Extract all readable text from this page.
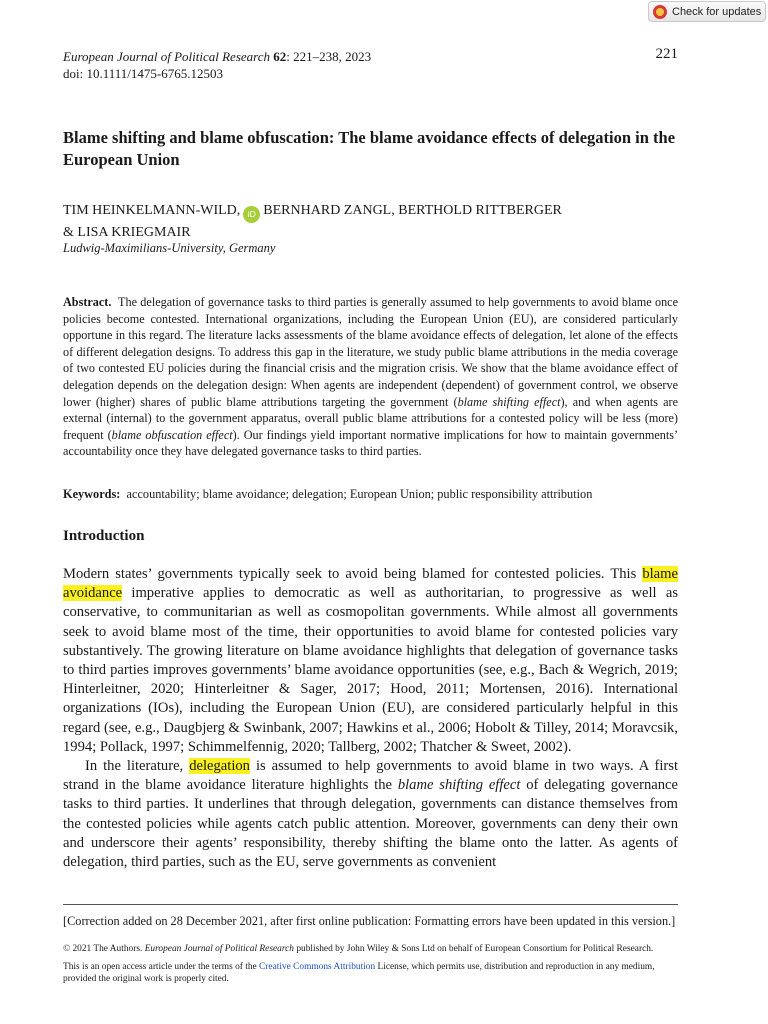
Check for updates
European Journal of Political Research 62: 221–238, 2023
doi: 10.1111/1475-6765.12503
221
Blame shifting and blame obfuscation: The blame avoidance effects of delegation in the European Union
TIM HEINKELMANN-WILD, iD BERNHARD ZANGL, BERTHOLD RITTBERGER
& LISA KRIEGMAIR
Ludwig-Maximilians-University, Germany

Abstract. The delegation of governance tasks to third parties is generally assumed to help governments to avoid blame once policies become contested. International organizations, including the European Union (EU), are considered particularly opportune in this regard. The literature lacks assessments of the blame avoidance effects of delegation, let alone of the effects of different delegation designs. To address this gap in the literature, we study public blame attributions in the media coverage of two contested EU policies during the financial crisis and the migration crisis. We show that the blame avoidance effect of delegation depends on the delegation design: When agents are independent (dependent) of government control, we observe lower (higher) shares of public blame attributions targeting the government (blame shifting effect), and when agents are external (internal) to the government apparatus, overall public blame attributions for a contested policy will be less (more) frequent (blame obfuscation effect). Our findings yield important normative implications for how to maintain governments’ accountability once they have delegated governance tasks to third parties.

Keywords: accountability; blame avoidance; delegation; European Union; public responsibility attribution
Introduction

Modern states’ governments typically seek to avoid being blamed for contested policies. This blame avoidance imperative applies to democratic as well as authoritarian, to progressive as well as conservative, to communitarian as well as cosmopolitan governments. While almost all governments seek to avoid blame most of the time, their opportunities to avoid blame for contested policies vary substantively. The growing literature on blame avoidance highlights that delegation of governance tasks to third parties improves governments’ blame avoidance opportunities (see, e.g., Bach & Wegrich, 2019; Hinterleitner, 2020; Hinterleitner & Sager, 2017; Hood, 2011; Mortensen, 2016). International organizations (IOs), including the European Union (EU), are considered particularly helpful in this regard (see, e.g., Daugbjerg & Swinbank, 2007; Hawkins et al., 2006; Hobolt & Tilley, 2014; Moravcsik, 1994; Pollack, 1997; Schimmelfennig, 2020; Tallberg, 2002; Thatcher & Sweet, 2002).

In the literature, delegation is assumed to help governments to avoid blame in two ways. A first strand in the blame avoidance literature highlights the blame shifting effect of delegating governance tasks to third parties. It underlines that through delegation, governments can distance themselves from the contested policies while agents catch public attention. Moreover, governments can deny their own and underscore their agents’ responsibility, thereby shifting the blame onto the latter. As agents of delegation, third parties, such as the EU, serve governments as convenient

[Correction added on 28 December 2021, after first online publication: Formatting errors have been updated in this version.]
© 2021 The Authors. European Journal of Political Research published by John Wiley & Sons Ltd on behalf of European Consortium for Political Research.
This is an open access article under the terms of the Creative Commons Attribution License, which permits use, distribution and reproduction in any medium, provided the original work is properly cited.
